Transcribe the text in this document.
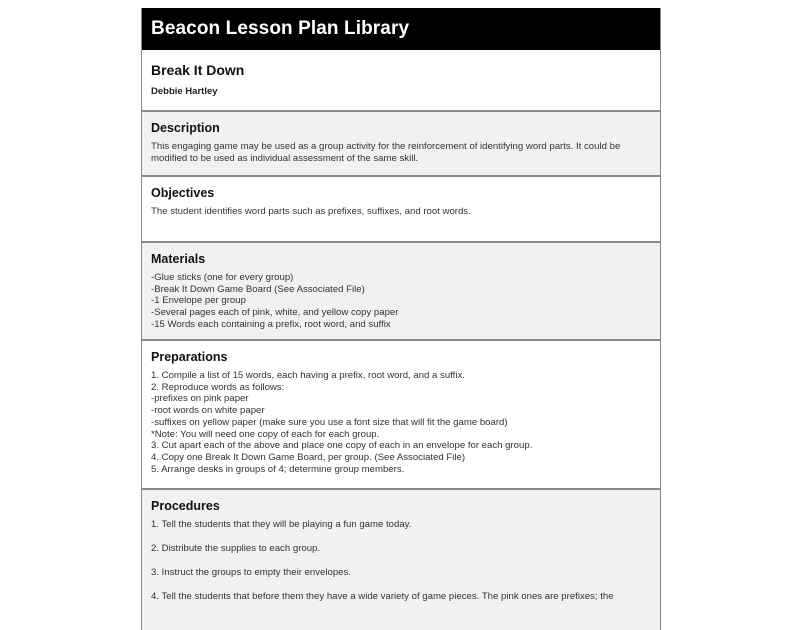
Beacon Lesson Plan Library
Break It Down
Debbie Hartley
Description
This engaging game may be used as a group activity for the reinforcement of identifying word parts. It could be
modified to be used as individual assessment of the same skill.
Objectives
The student identifies word parts such as prefixes, suffixes, and root words.
Materials
-Glue sticks (one for every group)
-Break It Down Game Board (See Associated File)
-1 Envelope per group
-Several pages each of pink, white, and yellow copy paper
-15 Words each containing a prefix, root word, and suffix
Preparations
1. Compile a list of 15 words, each having a prefix, root word, and a suffix.
2. Reproduce words as follows:
-prefixes on pink paper
-root words on white paper
-suffixes on yellow paper (make sure you use a font size that will fit the game board)
*Note: You will need one copy of each for each group.
3. Cut apart each of the above and place one copy of each in an envelope for each group.
4. Copy one Break It Down Game Board, per group. (See Associated File)
5. Arrange desks in groups of 4; determine group members.
Procedures
1. Tell the students that they will be playing a fun game today.
2. Distribute the supplies to each group.
3. Instruct the groups to empty their envelopes.
4. Tell the students that before them they have a wide variety of game pieces. The pink ones are prefixes; the
